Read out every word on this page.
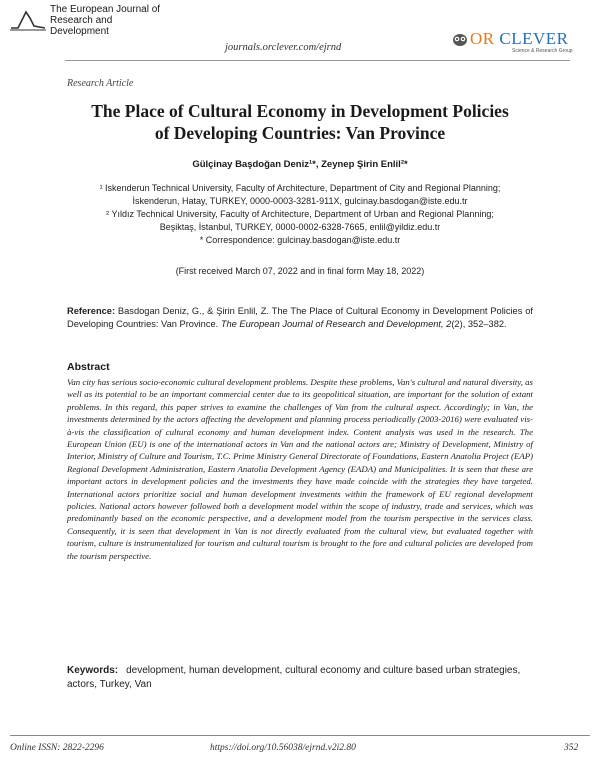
The European Journal of
Research and Development
journals.orclever.com/ejrnd	OR CLEVER
Science & Research Group
Research Article
The Place of Cultural Economy in Development Policies
of Developing Countries: Van Province
Gülçinay Başdoğan Deniz¹*, Zeynep Şirin Enlil²*
¹ Iskenderun Technical University, Faculty of Architecture, Department of City and Regional Planning;
İskenderun, Hatay, TURKEY, 0000-0003-3281-911X, gulcinay.basdogan@iste.edu.tr
² Yıldız Technical University, Faculty of Architecture, Department of Urban and Regional Planning;
Beşiktaş, İstanbul, TURKEY, 0000-0002-6328-7665, enlil@yildiz.edu.tr
* Correspondence: gulcinay.basdogan@iste.edu.tr
(First received March 07, 2022 and in final form May 18, 2022)
Reference: Basdogan Deniz, G., & Şirin Enlil, Z. The The Place of Cultural Economy in Development Policies of Developing Countries: Van Province. The European Journal of Research and Development, 2(2), 352–382.
Abstract
Van city has serious socio-economic cultural development problems. Despite these problems, Van's cultural and natural diversity, as well as its potential to be an important commercial center due to its geopolitical situation, are important for the solution of extant problems. In this regard, this paper strives to examine the challenges of Van from the cultural aspect. Accordingly; in Van, the investments determined by the actors affecting the development and planning process periodically (2003-2016) were evaluated vis-à-vis the classification of cultural economy and human development index. Content analysis was used in the research. The European Union (EU) is one of the international actors in Van and the national actors are; Ministry of Development, Ministry of Interior, Ministry of Culture and Tourism, T.C. Prime Ministry General Directorate of Foundations, Eastern Anatolia Project (EAP) Regional Development Administration, Eastern Anatolia Development Agency (EADA) and Municipalities. It is seen that these are important actors in development policies and the investments they have made coincide with the strategies they have targeted. International actors prioritize social and human development investments within the framework of EU regional development policies. National actors however followed both a development model within the scope of industry, trade and services, which was predominantly based on the economic perspective, and a development model from the tourism perspective in the services class. Consequently, it is seen that development in Van is not directly evaluated from the cultural view, but evaluated together with tourism, culture is instrumentalized for tourism and cultural tourism is brought to the fore and cultural policies are developed from the tourism perspective.
Keywords: development, human development, cultural economy and culture based urban strategies, actors, Turkey, Van
Online ISSN: 2822-2296	https://doi.org/10.56038/ejrnd.v2i2.80	352
